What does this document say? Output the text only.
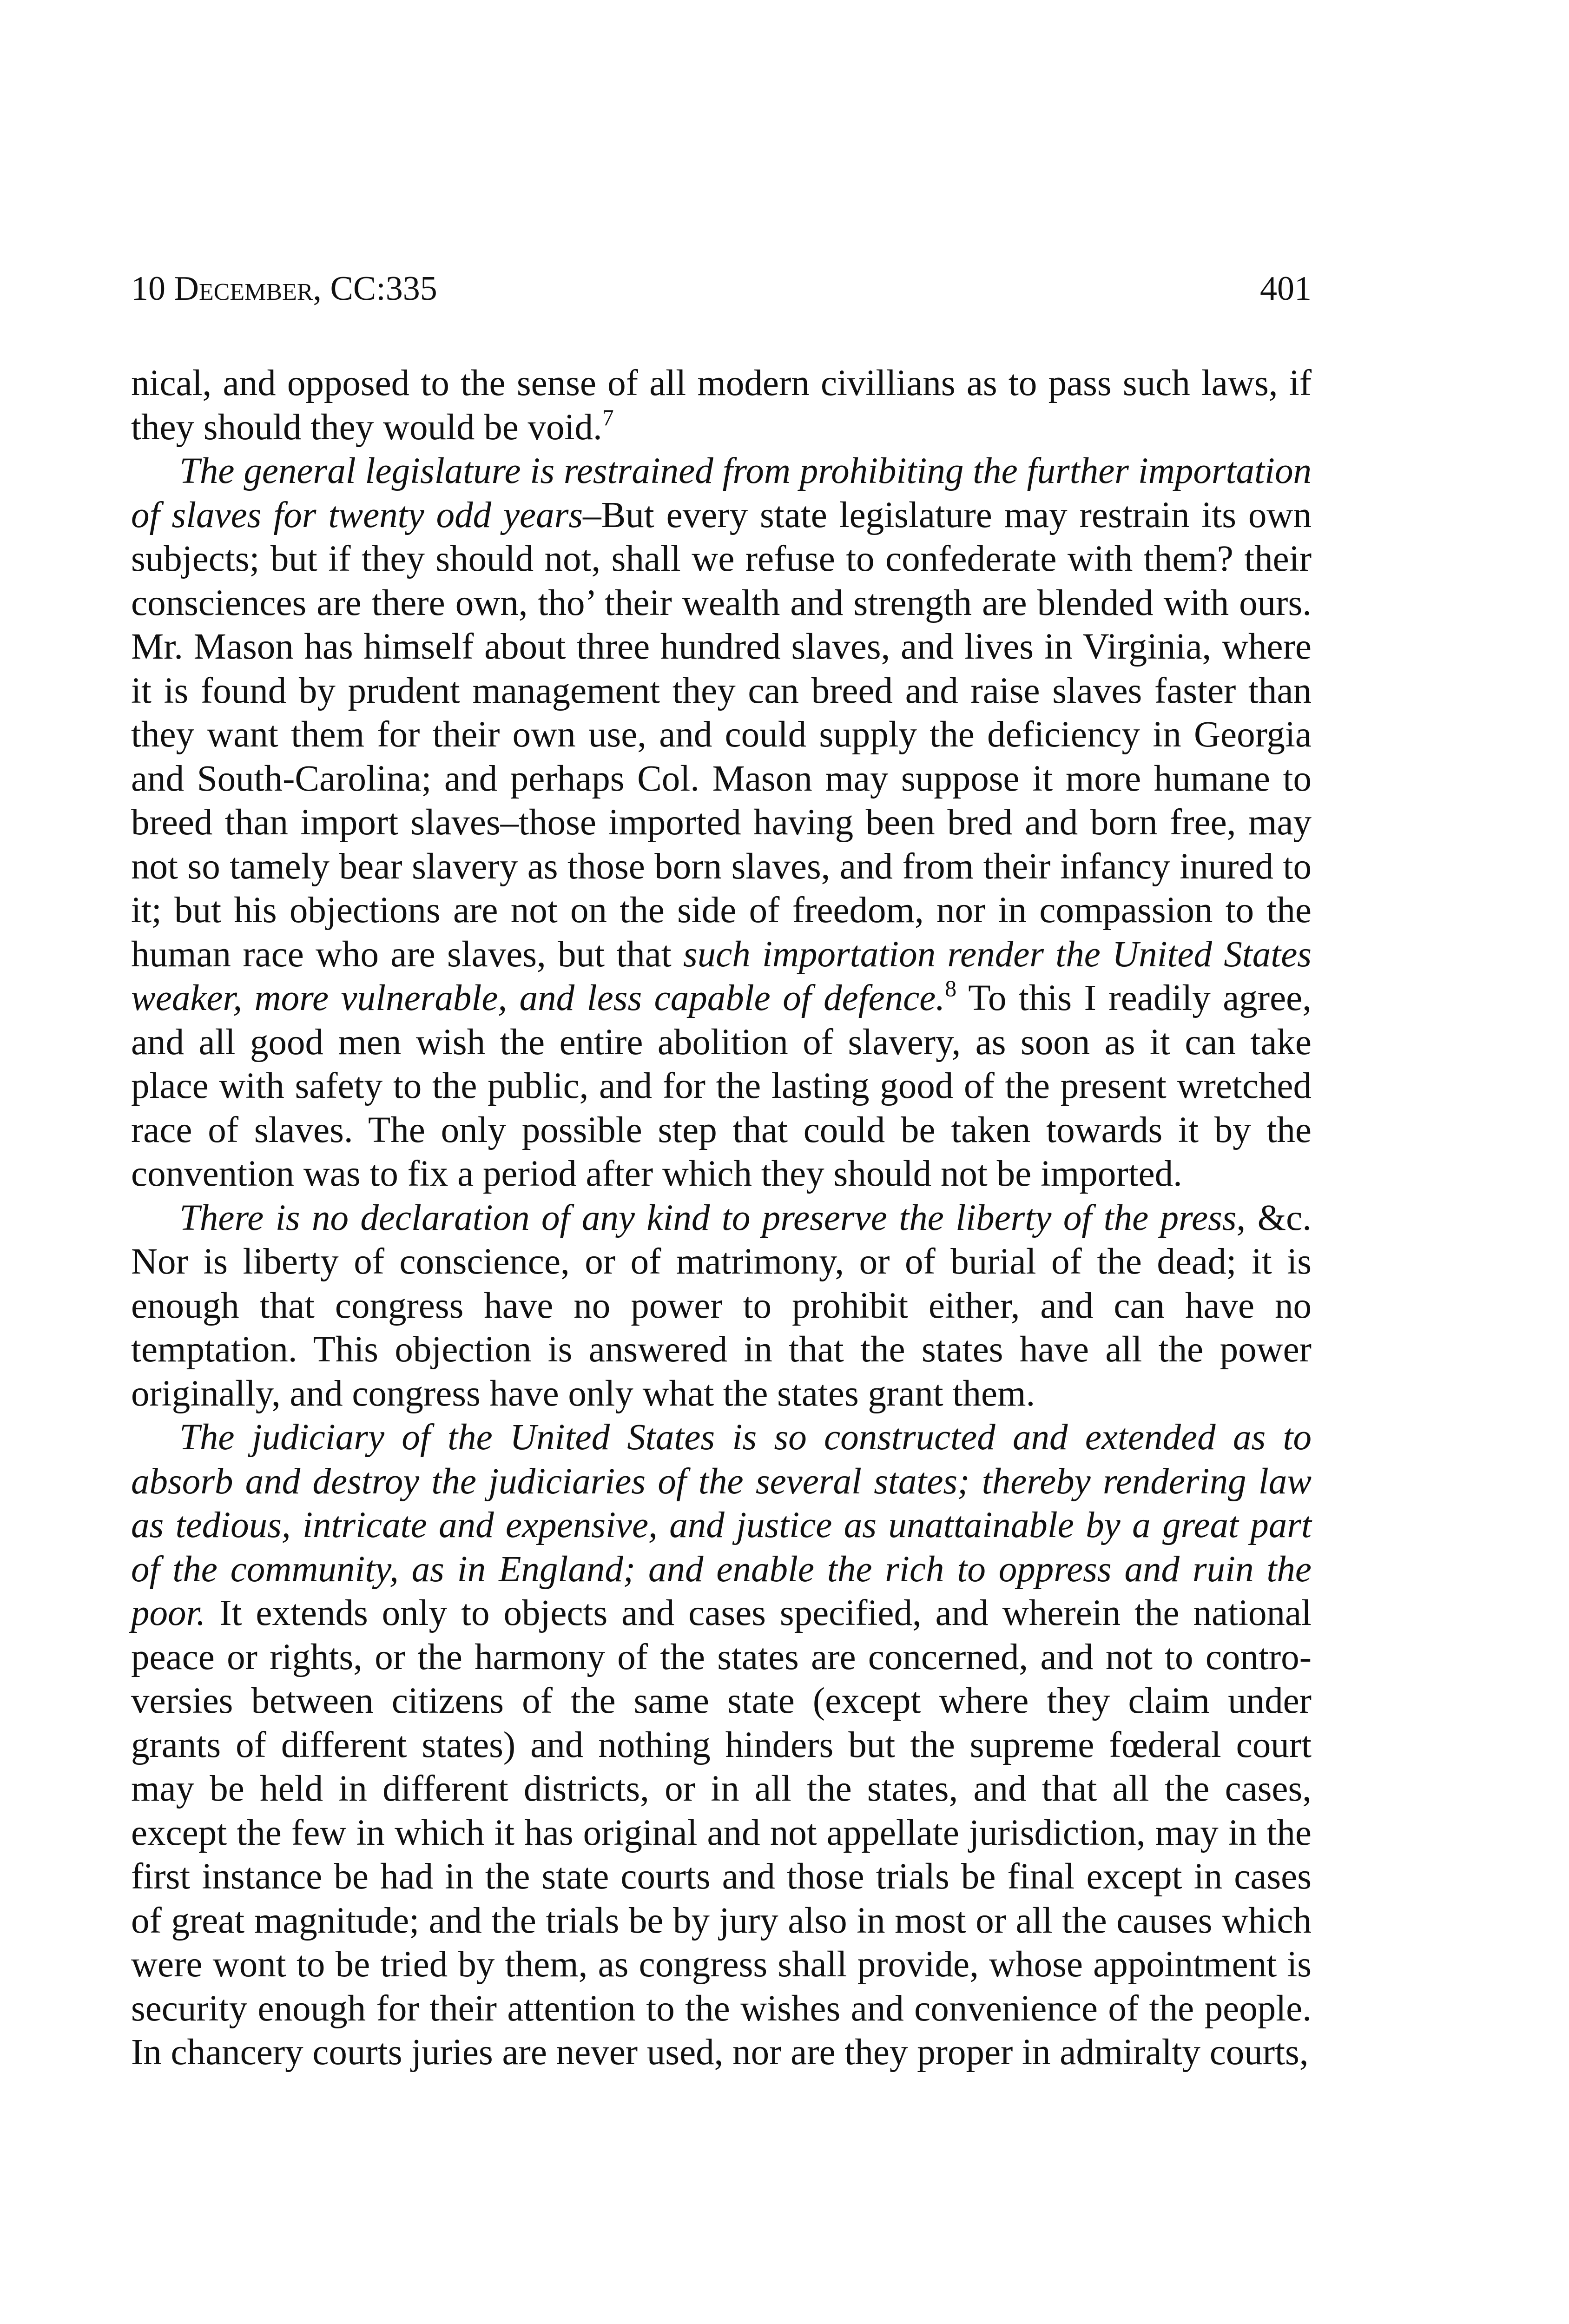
10 December, CC:335	401

nical, and opposed to the sense of all modern civillians as to pass such laws, if they should they would be void.$^7$

The general legislature is restrained from prohibiting the further importation of slaves for twenty odd years–But every state legislature may restrain its own subjects; but if they should not, shall we refuse to confederate with them? their consciences are there own, tho’ their wealth and strength are blended with ours. Mr. Mason has himself about three hundred slaves, and lives in Virginia, where it is found by prudent management they can breed and raise slaves faster than they want them for their own use, and could supply the deficiency in Georgia and South-Carolina; and perhaps Col. Mason may suppose it more humane to breed than import slaves–those imported having been bred and born free, may not so tamely bear slavery as those born slaves, and from their infancy inured to it; but his objections are not on the side of freedom, nor in compassion to the human race who are slaves, but that such importation render the United States weaker, more vulnerable, and less capable of defence.$^8$ To this I readily agree, and all good men wish the entire abolition of slavery, as soon as it can take place with safety to the public, and for the lasting good of the present wretched race of slaves. The only possible step that could be taken towards it by the convention was to fix a period after which they should not be imported.

There is no declaration of any kind to preserve the liberty of the press, &c. Nor is liberty of conscience, or of matrimony, or of burial of the dead; it is enough that congress have no power to prohibit either, and can have no temptation. This objection is answered in that the states have all the power originally, and congress have only what the states grant them.

The judiciary of the United States is so constructed and extended as to absorb and destroy the judiciaries of the several states; thereby rendering law as tedious, intricate and expensive, and justice as unattainable by a great part of the community, as in England; and enable the rich to oppress and ruin the poor. It extends only to objects and cases specified, and wherein the national peace or rights, or the harmony of the states are concerned, and not to controversies between citizens of the same state (except where they claim under grants of different states) and nothing hinders but the supreme fœderal court may be held in different districts, or in all the states, and that all the cases, except the few in which it has original and not appellate jurisdiction, may in the first instance be had in the state courts and those trials be final except in cases of great magnitude; and the trials be by jury also in most or all the causes which were wont to be tried by them, as congress shall provide, whose appointment is security enough for their attention to the wishes and convenience of the people. In chancery courts juries are never used, nor are they proper in admiralty courts,
